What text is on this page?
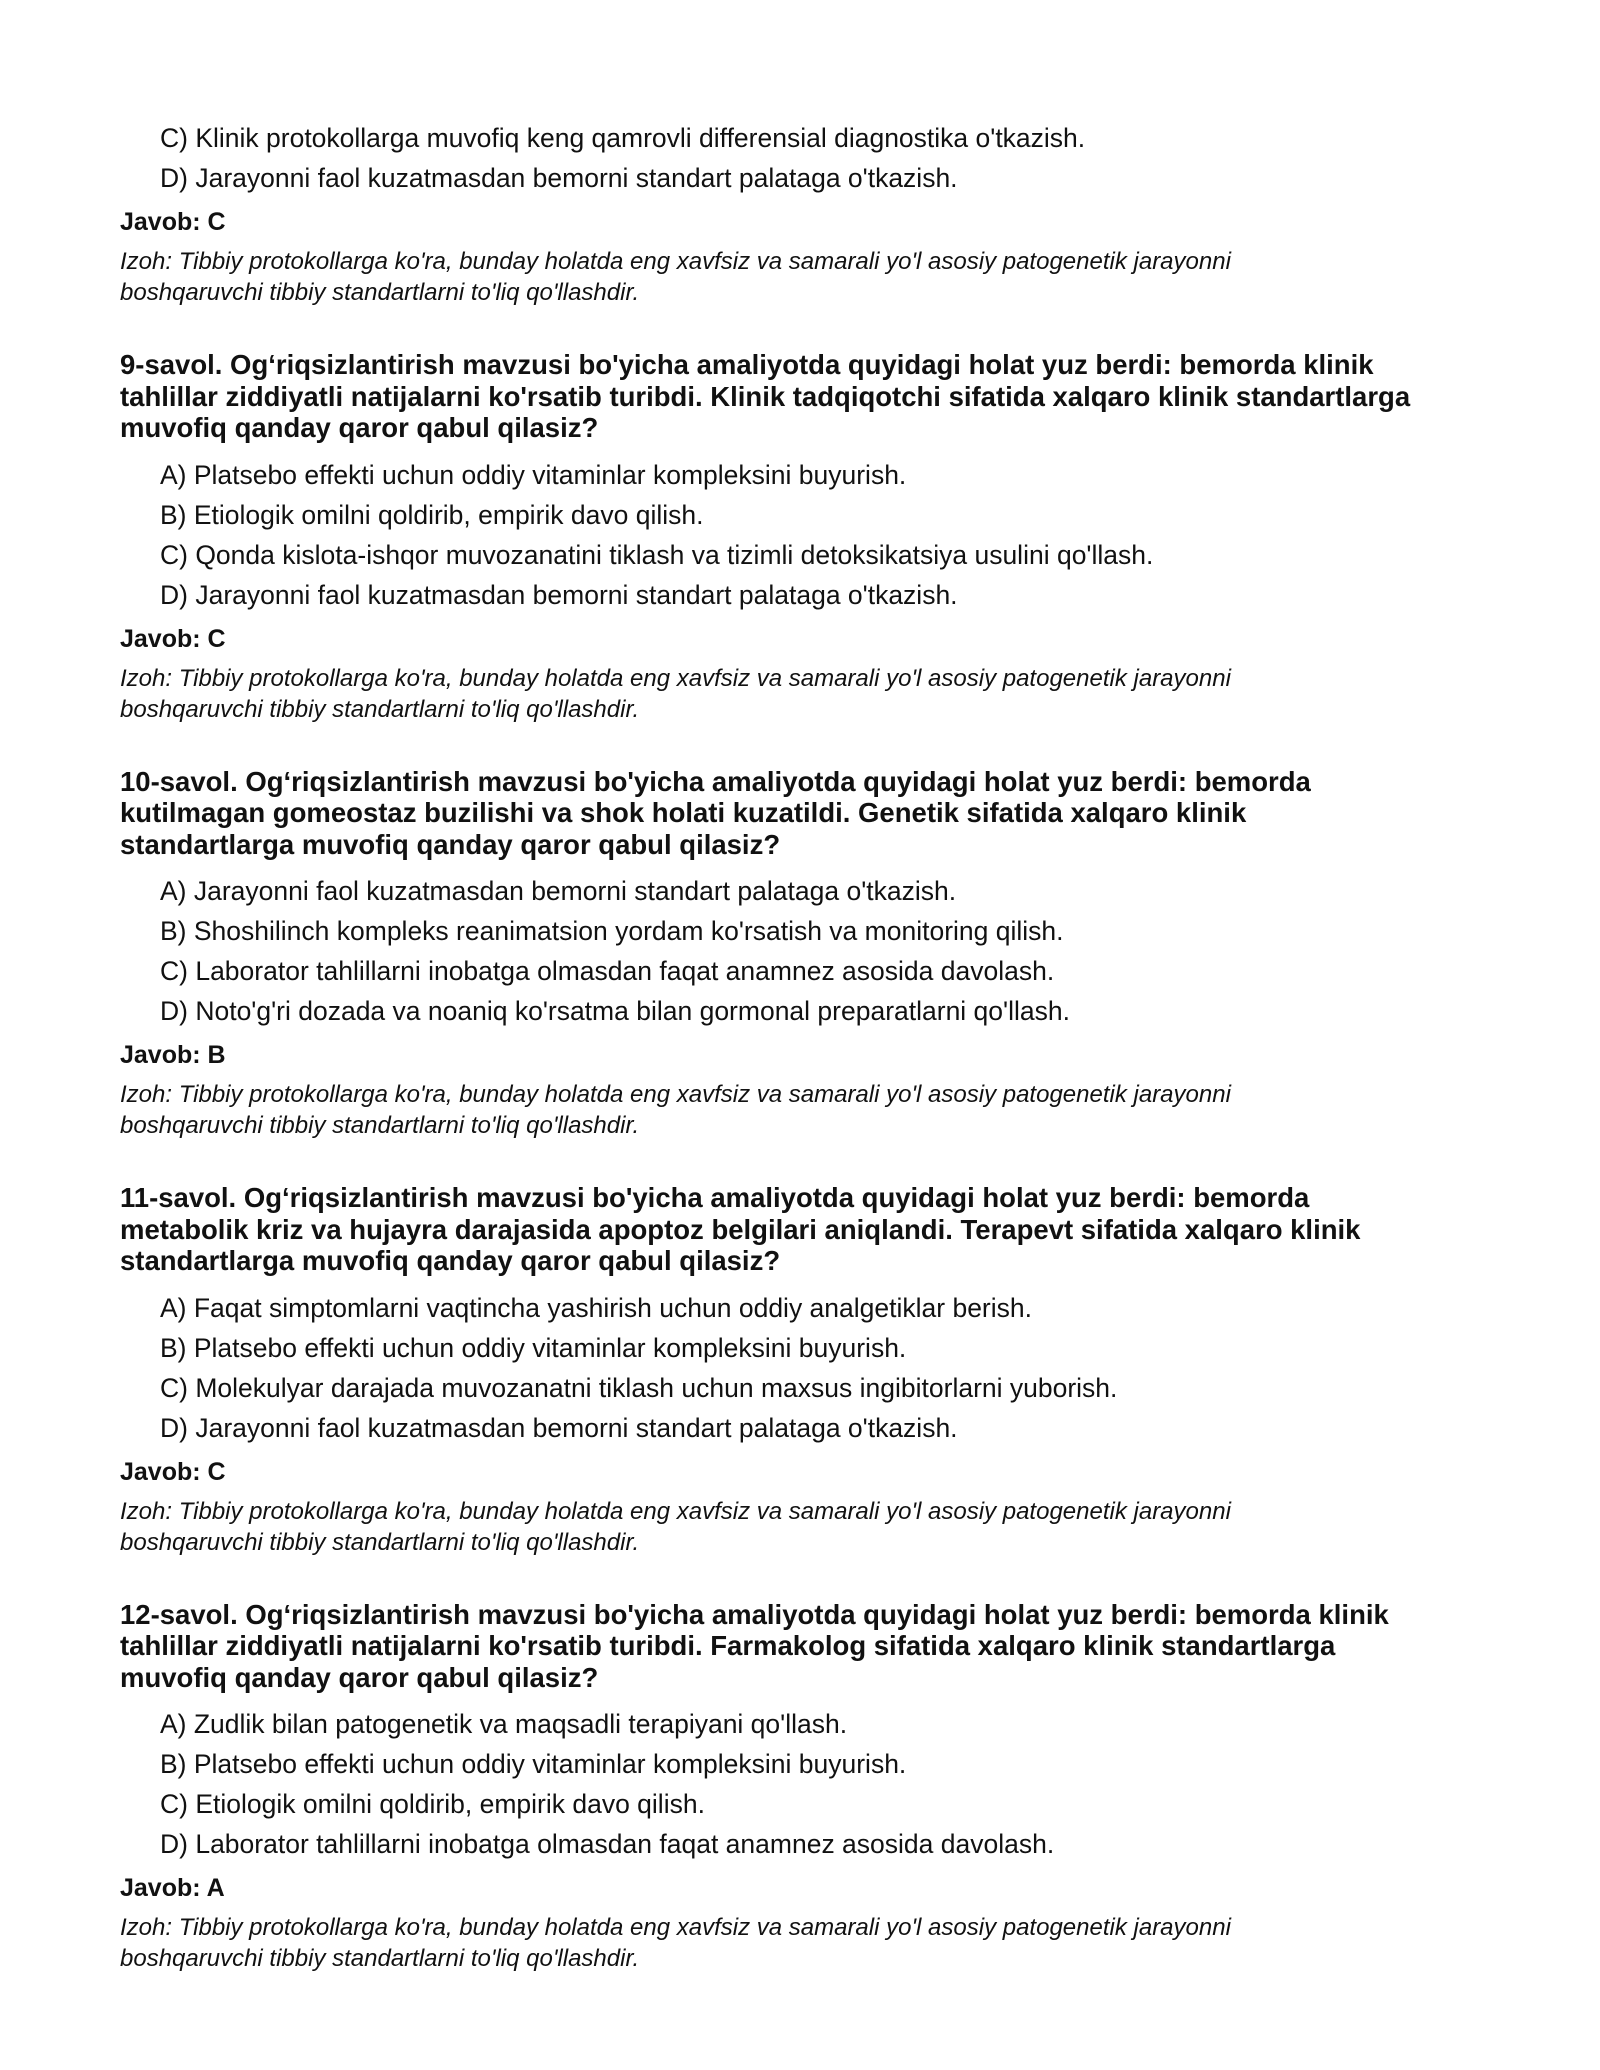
C) Klinik protokollarga muvofiq keng qamrovli differensial diagnostika o'tkazish.
D) Jarayonni faol kuzatmasdan bemorni standart palataga o'tkazish.
Javob: C
Izoh: Tibbiy protokollarga ko'ra, bunday holatda eng xavfsiz va samarali yo'l asosiy patogenetik jarayonni
boshqaruvchi tibbiy standartlarni to'liq qo'llashdir.
9-savol. Og‘riqsizlantirish mavzusi bo'yicha amaliyotda quyidagi holat yuz berdi: bemorda klinik
tahlillar ziddiyatli natijalarni ko'rsatib turibdi. Klinik tadqiqotchi sifatida xalqaro klinik standartlarga
muvofiq qanday qaror qabul qilasiz?
A) Platsebo effekti uchun oddiy vitaminlar kompleksini buyurish.
B) Etiologik omilni qoldirib, empirik davo qilish.
C) Qonda kislota-ishqor muvozanatini tiklash va tizimli detoksikatsiya usulini qo'llash.
D) Jarayonni faol kuzatmasdan bemorni standart palataga o'tkazish.
Javob: C
Izoh: Tibbiy protokollarga ko'ra, bunday holatda eng xavfsiz va samarali yo'l asosiy patogenetik jarayonni
boshqaruvchi tibbiy standartlarni to'liq qo'llashdir.
10-savol. Og‘riqsizlantirish mavzusi bo'yicha amaliyotda quyidagi holat yuz berdi: bemorda
kutilmagan gomeostaz buzilishi va shok holati kuzatildi. Genetik sifatida xalqaro klinik
standartlarga muvofiq qanday qaror qabul qilasiz?
A) Jarayonni faol kuzatmasdan bemorni standart palataga o'tkazish.
B) Shoshilinch kompleks reanimatsion yordam ko'rsatish va monitoring qilish.
C) Laborator tahlillarni inobatga olmasdan faqat anamnez asosida davolash.
D) Noto'g'ri dozada va noaniq ko'rsatma bilan gormonal preparatlarni qo'llash.
Javob: B
Izoh: Tibbiy protokollarga ko'ra, bunday holatda eng xavfsiz va samarali yo'l asosiy patogenetik jarayonni
boshqaruvchi tibbiy standartlarni to'liq qo'llashdir.
11-savol. Og‘riqsizlantirish mavzusi bo'yicha amaliyotda quyidagi holat yuz berdi: bemorda
metabolik kriz va hujayra darajasida apoptoz belgilari aniqlandi. Terapevt sifatida xalqaro klinik
standartlarga muvofiq qanday qaror qabul qilasiz?
A) Faqat simptomlarni vaqtincha yashirish uchun oddiy analgetiklar berish.
B) Platsebo effekti uchun oddiy vitaminlar kompleksini buyurish.
C) Molekulyar darajada muvozanatni tiklash uchun maxsus ingibitorlarni yuborish.
D) Jarayonni faol kuzatmasdan bemorni standart palataga o'tkazish.
Javob: C
Izoh: Tibbiy protokollarga ko'ra, bunday holatda eng xavfsiz va samarali yo'l asosiy patogenetik jarayonni
boshqaruvchi tibbiy standartlarni to'liq qo'llashdir.
12-savol. Og‘riqsizlantirish mavzusi bo'yicha amaliyotda quyidagi holat yuz berdi: bemorda klinik
tahlillar ziddiyatli natijalarni ko'rsatib turibdi. Farmakolog sifatida xalqaro klinik standartlarga
muvofiq qanday qaror qabul qilasiz?
A) Zudlik bilan patogenetik va maqsadli terapiyani qo'llash.
B) Platsebo effekti uchun oddiy vitaminlar kompleksini buyurish.
C) Etiologik omilni qoldirib, empirik davo qilish.
D) Laborator tahlillarni inobatga olmasdan faqat anamnez asosida davolash.
Javob: A
Izoh: Tibbiy protokollarga ko'ra, bunday holatda eng xavfsiz va samarali yo'l asosiy patogenetik jarayonni
boshqaruvchi tibbiy standartlarni to'liq qo'llashdir.
